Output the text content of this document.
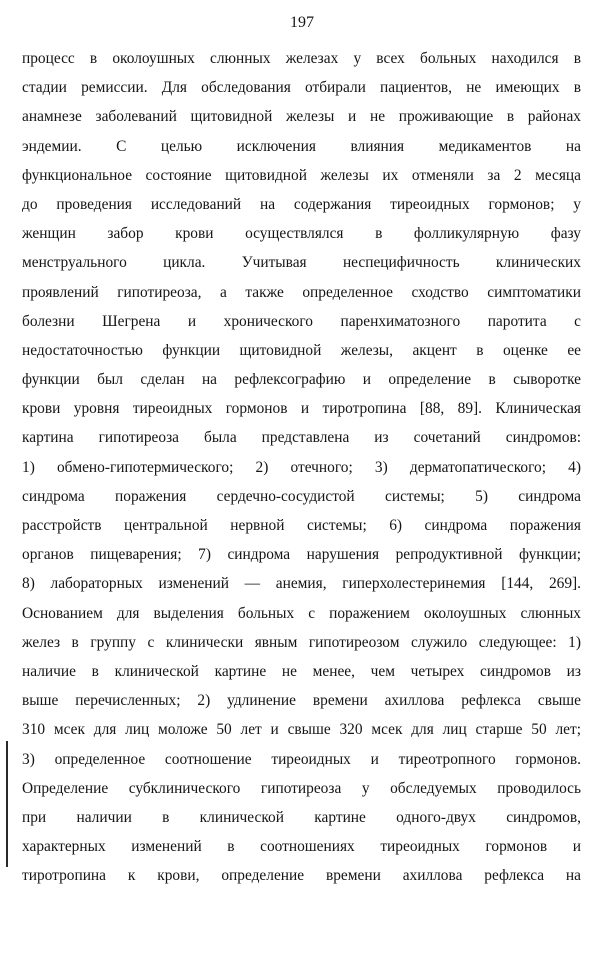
197
процесс в околоушных слюнных железах у всех больных находился в
стадии ремиссии. Для обследования отбирали пациентов, не имеющих в
анамнезе заболеваний щитовидной железы и не проживающие в районах
эндемии. С целью исключения влияния медикаментов на
функциональное состояние щитовидной железы их отменяли за 2 месяца
до проведения исследований на содержания тиреоидных гормонов; у
женщин забор крови осуществлялся в фолликулярную фазу
менструального цикла. Учитывая неспецифичность клинических
проявлений гипотиреоза, а также определенное сходство симптоматики
болезни Шегрена и хронического паренхиматозного паротита с
недостаточностью функции щитовидной железы, акцент в оценке ее
функции был сделан на рефлексографию и определение в сыворотке
крови уровня тиреоидных гормонов и тиротропина [88, 89]. Клиническая
картина гипотиреоза была представлена из сочетаний синдромов:
1) обмено-гипотермического; 2) отечного; 3) дерматопатического; 4)
синдрома поражения сердечно-сосудистой системы; 5) синдрома
расстройств центральной нервной системы; 6) синдрома поражения
органов пищеварения; 7) синдрома нарушения репродуктивной функции;
8) лабораторных изменений — анемия, гиперхолестеринемия [144, 269].
Основанием для выделения больных с поражением околоушных слюнных
желез в группу с клинически явным гипотиреозом служило следующее: 1)
наличие в клинической картине не менее, чем четырех синдромов из
выше перечисленных; 2) удлинение времени ахиллова рефлекса свыше
310 мсек для лиц моложе 50 лет и свыше 320 мсек для лиц старше 50 лет;
3) определенное соотношение тиреоидных и тиреотропного гормонов.
Определение субклинического гипотиреоза у обследуемых проводилось
при наличии в клинической картине одного-двух синдромов,
характерных изменений в соотношениях тиреоидных гормонов и
тиротропина к крови, определение времени ахиллова рефлекса на
